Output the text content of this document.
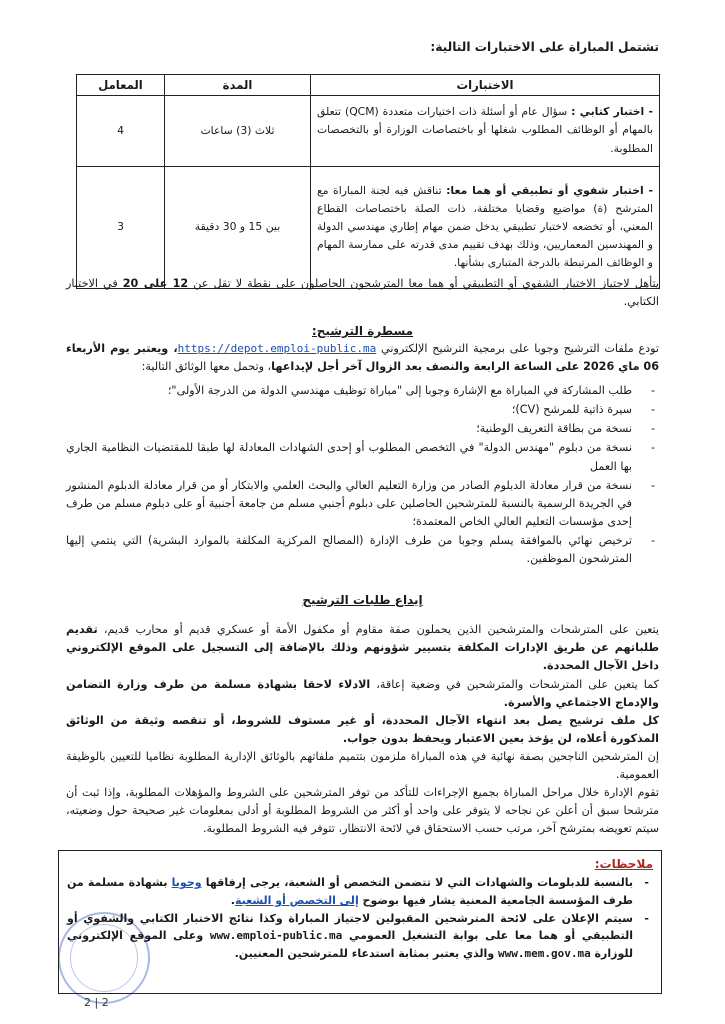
تشتمل المباراة على الاختبارات التالية:
الاختبارات	المدة	المعامل
- اختبار كتابي : سؤال عام أو أسئلة ذات اختيارات متعددة (QCM) تتعلق بالمهام أو الوظائف المطلوب شغلها أو باختصاصات الوزارة أو بالتخصصات المطلوبة.	ثلاث (3) ساعات	4
- اختبار شفوي أو تطبيقي أو هما معا: تناقش فيه لجنة المباراة مع المترشح (ة) مواضيع وقضايا مختلفة، ذات الصلة باختصاصات القطاع المعني، أو تخضعه لاختبار تطبيقي يدخل ضمن مهام إطاري مهندسي الدولة و المهندسين المعماريين، وذلك بهدف تقييم مدى قدرته على ممارسة المهام و الوظائف المرتبطة بالدرجة المتبارى بشأنها.	بين 15 و 30 دقيقة	3
يتأهل لاجتياز الاختبار الشفوي أو التطبيقي أو هما معا المترشحون الحاصلون على نقطة لا تقل عن 12 على 20 في الاختبار الكتابي.
مسطرة الترشيح:
تودع ملفات الترشيح وجوبا على برمجية الترشيح الإلكتروني https://depot.emploi-public.ma، ويعتبر يوم الأربعاء 06 ماي 2026 على الساعة الرابعة والنصف بعد الزوال آخر أجل لإيداعها، وتحمل معها الوثائق التالية:
- طلب المشاركة في المباراة مع الإشارة وجوبا إلى "مباراة توظيف مهندسي الدولة من الدرجة الأولى"؛
- سيرة ذاتية للمرشح (CV)؛
- نسخة من بطاقة التعريف الوطنية؛
- نسخة من دبلوم "مهندس الدولة" في التخصص المطلوب أو إحدى الشهادات المعادلة لها طبقا للمقتضيات النظامية الجاري بها العمل
- نسخة من قرار معادلة الدبلوم الصادر من وزارة التعليم العالي والبحث العلمي والابتكار أو من قرار معادلة الدبلوم المنشور في الجريدة الرسمية بالنسبة للمترشحين الحاصلين على دبلوم أجنبي مسلم من جامعة أجنبية أو على دبلوم مسلم من طرف إحدى مؤسسات التعليم العالي الخاص المعتمدة؛
- ترخيص نهائي بالموافقة يسلم وجوبا من طرف الإدارة (المصالح المركزية المكلفة بالموارد البشرية) التي ينتمي إليها المترشحون الموظفين.
إيداع طلبات الترشيح
يتعين على المترشحات والمترشحين الذين يحملون صفة مقاوم أو مكفول الأمة أو عسكري قديم أو محارب قديم، تقديم طلباتهم عن طريق الإدارات المكلفة بتسيير شؤونهم وذلك بالإضافة إلى التسجيل على الموقع الإلكتروني داخل الآجال المحددة.
كما يتعين على المترشحات والمترشحين في وضعية إعاقة، الادلاء لاحقا بشهادة مسلمة من طرف وزارة التضامن والإدماج الاجتماعي والأسرة.
كل ملف ترشيح يصل بعد انتهاء الآجال المحددة، أو غير مستوف للشروط، أو تنقصه وثيقة من الوثائق المذكورة أعلاه، لن يؤخذ بعين الاعتبار ويحفظ بدون جواب.
إن المترشحين الناجحين بصفة نهائية في هذه المباراة ملزمون بتتميم ملفاتهم بالوثائق الإدارية المطلوبة نظاميا للتعيين بالوظيفة العمومية.
تقوم الإدارة خلال مراحل المباراة بجميع الإجراءات للتأكد من توفر المترشحين على الشروط والمؤهلات المطلوبة، وإذا ثبت أن مترشحا سبق أن أعلن عن نجاحه لا يتوفر على واحد أو أكثر من الشروط المطلوبة أو أدلى بمعلومات غير صحيحة حول وضعيته، سيتم تعويضه بمترشح آخر، مرتب حسب الاستحقاق في لائحة الانتظار، تتوفر فيه الشروط المطلوبة.
ملاحظات:
- بالنسبة للدبلومات والشهادات التي لا تتضمن التخصص أو الشعبة، يرجى إرفاقها وجوبا بشهادة مسلمة من طرف المؤسسة الجامعية المعنية يشار فيها بوضوح إلى التخصص أو الشعبة.
- سيتم الإعلان على لائحة المترشحين المقبولين لاجتياز المباراة وكذا نتائج الاختبار الكتابي والشفوي أو التطبيقي أو هما معا على بوابة التشغيل العمومي www.emploi-public.ma وعلى الموقع الإلكتروني للوزارة www.mem.gov.ma والذي يعتبر بمثابة استدعاء للمترشحين المعنيين.
2 | 2
